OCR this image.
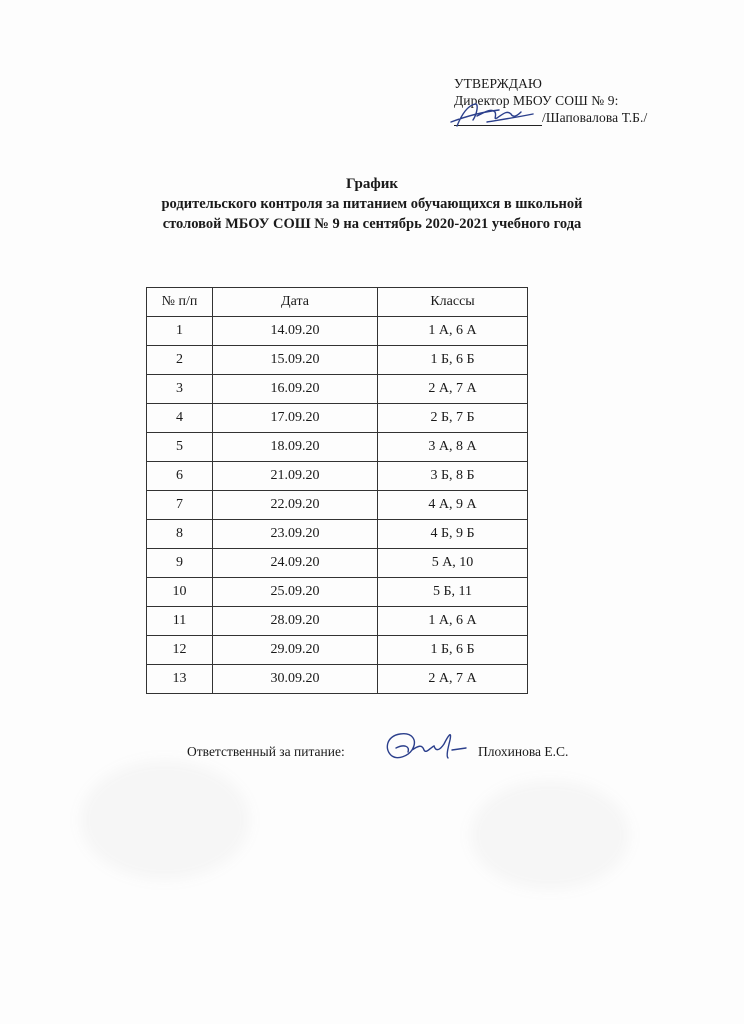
УТВЕРЖДАЮ
Директор МБОУ СОШ № 9:
/Шаповалова Т.Б./
График
родительского контроля за питанием обучающихся в школьной
столовой МБОУ СОШ № 9 на сентябрь 2020-2021 учебного года
№ п/п	Дата	Классы
1	14.09.20	1 А, 6 А
2	15.09.20	1 Б, 6 Б
3	16.09.20	2 А, 7 А
4	17.09.20	2 Б, 7 Б
5	18.09.20	3 А, 8 А
6	21.09.20	3 Б, 8 Б
7	22.09.20	4 А, 9 А
8	23.09.20	4 Б, 9 Б
9	24.09.20	5 А, 10
10	25.09.20	5 Б, 11
11	28.09.20	1 А, 6 А
12	29.09.20	1 Б, 6 Б
13	30.09.20	2 А, 7 А
Ответственный за питание:	Плохинова Е.С.
